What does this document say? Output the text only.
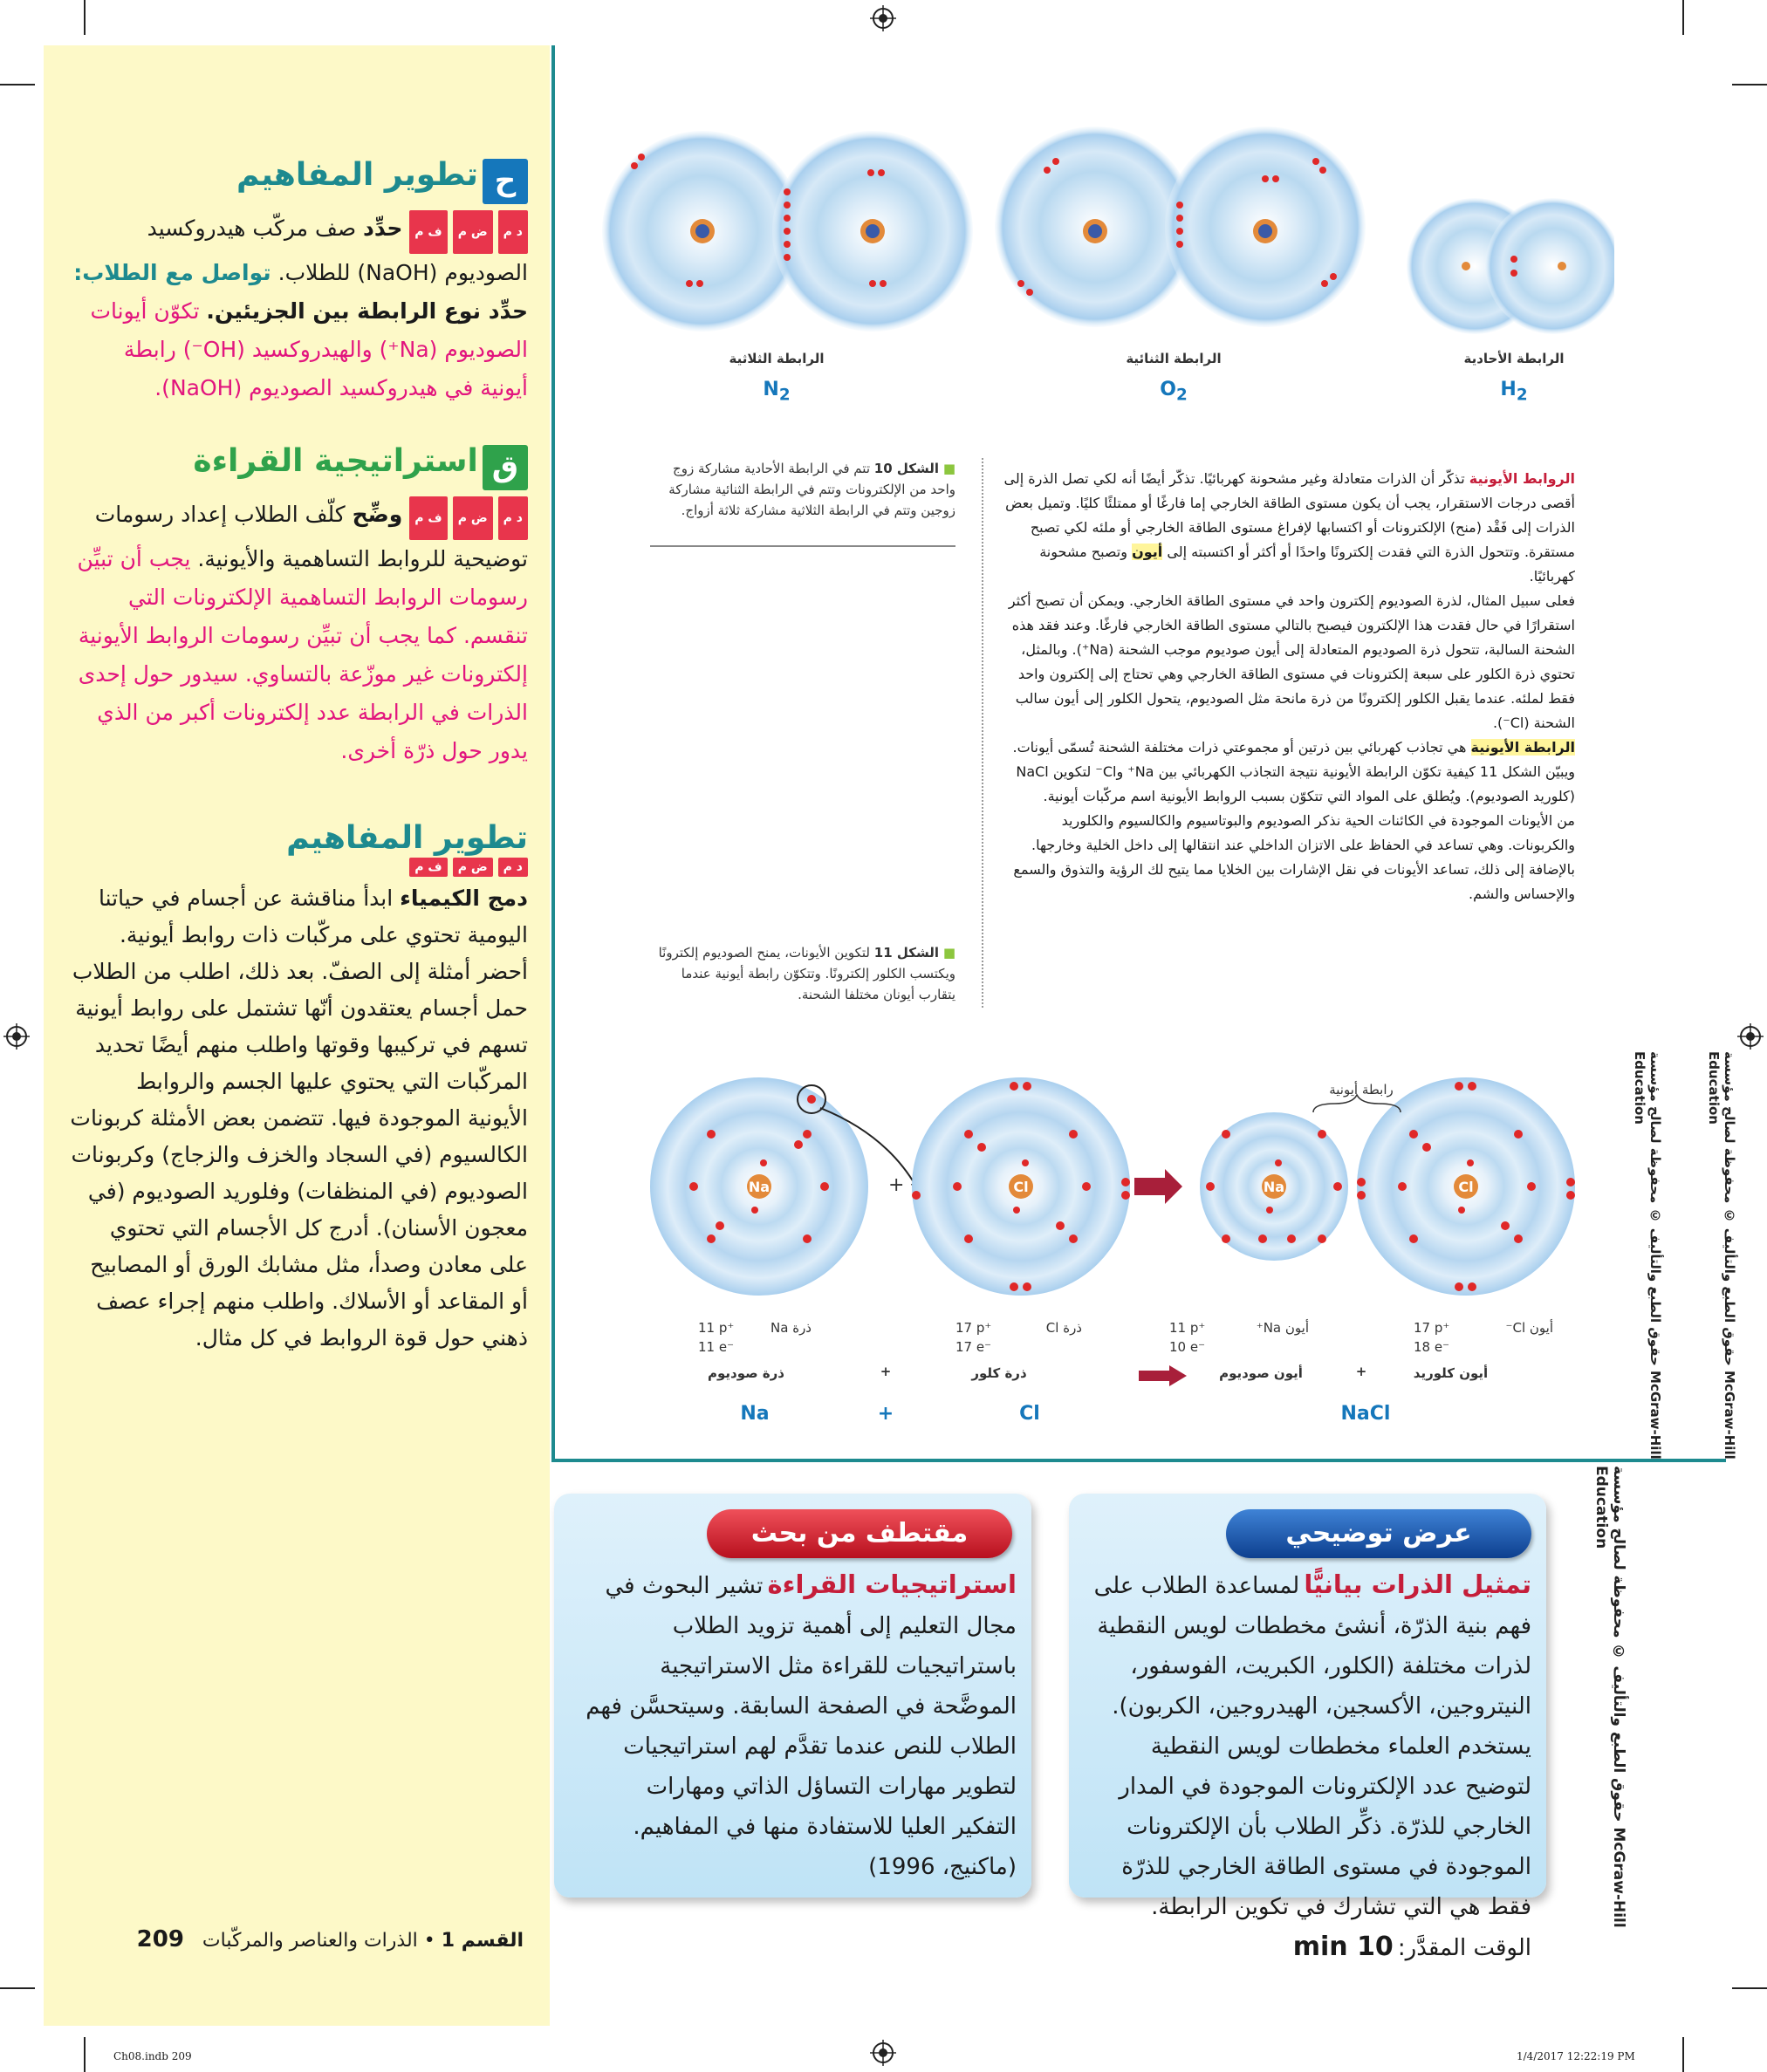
ح تطوير المفاهيم
د م
ض م
ف م
حدِّد صف مركّب هيدروكسيد الصوديوم (NaOH) للطلاب. تواصل مع الطلاب: حدِّد نوع الرابطة بين الجزيئين. تكوّن أيونات الصوديوم (Na⁺) والهيدروكسيد (OH⁻) رابطة أيونية في هيدروكسيد الصوديوم (NaOH).
ق استراتيجية القراءة
د م
ض م
ف م
وضِّح كلّف الطلاب إعداد رسومات توضيحية للروابط التساهمية والأيونية. يجب أن تبيِّن رسومات الروابط التساهمية الإلكترونات التي تنقسم. كما يجب أن تبيِّن رسومات الروابط الأيونية إلكترونات غير موزّعة بالتساوي. سيدور حول إحدى الذرات في الرابطة عدد إلكترونات أكبر من الذي يدور حول ذرّة أخرى.
تطوير المفاهيم
د م
ض م
ف م
دمج الكيمياء ابدأ مناقشة عن أجسام في حياتنا اليومية تحتوي على مركّبات ذات روابط أيونية. أحضر أمثلة إلى الصفّ. بعد ذلك، اطلب من الطلاب حمل أجسام يعتقدون أنّها تشتمل على روابط أيونية تسهم في تركيبها وقوتها واطلب منهم أيضًا تحديد المركّبات التي يحتوي عليها الجسم والروابط الأيونية الموجودة فيها. تتضمن بعض الأمثلة كربونات الكالسيوم (في السجاد والخزف والزجاج) وكربونات الصوديوم (في المنظفات) وفلوريد الصوديوم (في معجون الأسنان). أدرج كل الأجسام التي تحتوي على معادن وصدأ، مثل مشابك الورق أو المصابيح أو المقاعد أو الأسلاك. واطلب منهم إجراء عصف ذهني حول قوة الروابط في كل مثال.
الرابطة الثلاثية
$N_2$
الرابطة الثنائية
$O_2$
الرابطة الأحادية
$H_2$
■ الشكل 10 تتم في الرابطة الأحادية مشاركة زوج واحد من الإلكترونات وتتم في الرابطة الثنائية مشاركة زوجين وتتم في الرابطة الثلاثية مشاركة ثلاثة أزواج.
■ الشكل 11 لتكوين الأيونات، يمنح الصوديوم إلكترونًا ويكتسب الكلور إلكترونًا. وتتكوّن رابطة أيونية عندما يتقارب أيونان مختلفا الشحنة.
الروابط الأيونية تذكّر أن الذرات متعادلة وغير مشحونة كهربائيًا. تذكّر أيضًا أنه لكي تصل الذرة إلى أقصى درجات الاستقرار، يجب أن يكون مستوى الطاقة الخارجي إما فارغًا أو ممتلئًا كليًا. وتميل بعض الذرات إلى فَقْد (منح) الإلكترونات أو اكتسابها لإفراغ مستوى الطاقة الخارجي أو ملئه لكي تصبح مستقرة. وتتحول الذرة التي فقدت إلكترونًا واحدًا أو أكثر أو اكتسبته إلى أيون وتصبح مشحونة كهربائيًا.
فعلى سبيل المثال، لذرة الصوديوم إلكترون واحد في مستوى الطاقة الخارجي. ويمكن أن تصبح أكثر استقرارًا في حال فقدت هذا الإلكترون فيصبح بالتالي مستوى الطاقة الخارجي فارغًا. وعند فقد هذه الشحنة السالبة، تتحول ذرة الصوديوم المتعادلة إلى أيون صوديوم موجب الشحنة (Na⁺). وبالمثل، تحتوي ذرة الكلور على سبعة إلكترونات في مستوى الطاقة الخارجي وهي تحتاج إلى إلكترون واحد فقط لملئه. عندما يقبل الكلور إلكترونًا من ذرة مانحة مثل الصوديوم، يتحول الكلور إلى أيون سالب الشحنة (Cl⁻).
الرابطة الأيونية هي تجاذب كهربائي بين ذرتين أو مجموعتي ذرات مختلفة الشحنة تُسمّى أيونات. ويبيّن الشكل 11 كيفية تكوّن الرابطة الأيونية نتيجة التجاذب الكهربائي بين Na⁺ وCl⁻ لتكوين NaCl (كلوريد الصوديوم). ويُطلق على المواد التي تتكوّن بسبب الروابط الأيونية اسم مركّبات أيونية.
من الأيونات الموجودة في الكائنات الحية نذكر الصوديوم والبوتاسيوم والكالسيوم والكلوريد والكربونات. وهي تساعد في الحفاظ على الاتزان الداخلي عند انتقالها إلى داخل الخلية وخارجها. بالإضافة إلى ذلك، تساعد الأيونات في نقل الإشارات بين الخلايا مما يتيح لك الرؤية والتذوق والسمع والإحساس والشم.
Na	+	Cl	Na	Cl
رابطة أيونية
ذرة Na
11 p⁺
11 e⁻
ذرة Cl
17 p⁺
17 e⁻
أيون Na⁺
11 p⁺
10 e⁻
أيون Cl⁻
17 p⁺
18 e⁻
ذرة صوديوم	+	ذرة كلور	أيون صوديوم	+	أيون كلوريد
Na	+	Cl	NaCl
حقوق الطبع والتأليف © محفوظة لصالح مؤسسة McGraw-Hill Education
حقوق الطبع والتأليف © محفوظة لصالح مؤسسة McGraw-Hill Education
حقوق الطبع والتأليف © محفوظة لصالح مؤسسة McGraw-Hill Education
مقتطف من بحث
استراتيجيات القراءة تشير البحوث في مجال التعليم إلى أهمية تزويد الطلاب باستراتيجيات للقراءة مثل الاستراتيجية الموضَّحة في الصفحة السابقة. وسيتحسَّن فهم الطلاب للنص عندما تقدَّم لهم استراتيجيات لتطوير مهارات التساؤل الذاتي ومهارات التفكير العليا للاستفادة منها في المفاهيم. (ماكنيج، 1996)
عرض توضيحي
تمثيل الذرات بيانيًّا لمساعدة الطلاب على فهم بنية الذرّة، أنشئ مخططات لويس النقطية لذرات مختلفة (الكلور، الكبريت، الفوسفور، النيتروجين، الأكسجين، الهيدروجين، الكربون). يستخدم العلماء مخططات لويس النقطية لتوضيح عدد الإلكترونات الموجودة في المدار الخارجي للذرّة. ذكِّر الطلاب بأن الإلكترونات الموجودة في مستوى الطاقة الخارجي للذرّة فقط هي التي تشارك في تكوين الرابطة. الوقت المقدَّر: 10 min
القسم 1 • الذرات والعناصر والمركّبات 209
Ch08.indb 209	1/4/2017 12:22:19 PM
